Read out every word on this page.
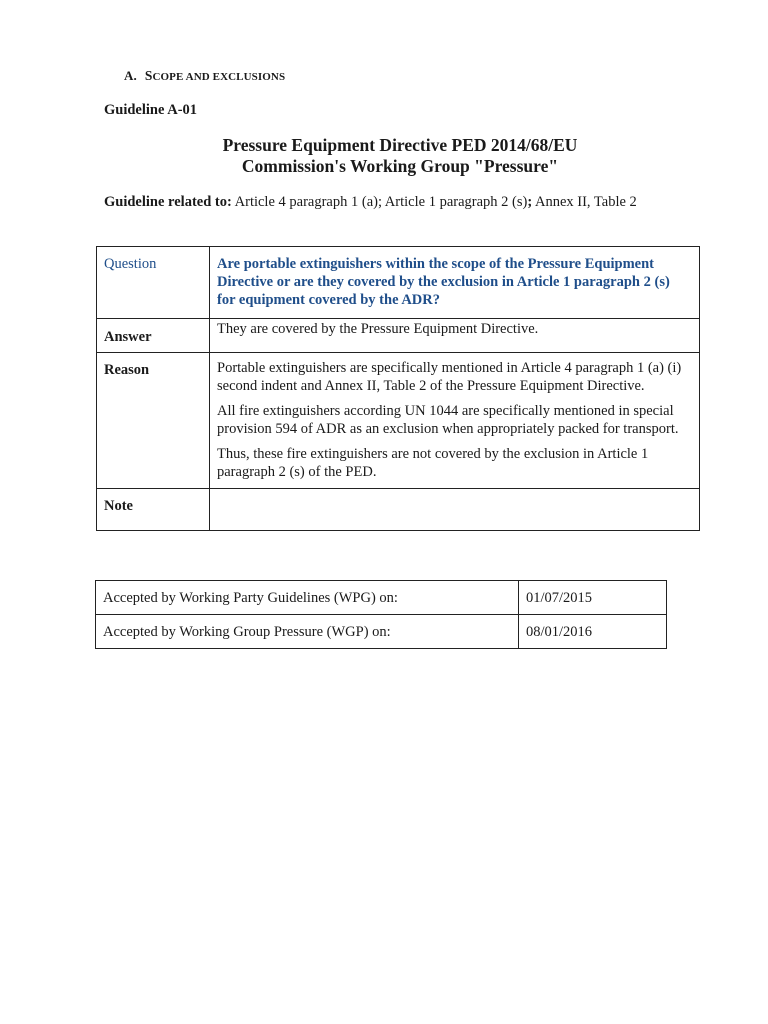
A. SCOPE AND EXCLUSIONS
Guideline A-01
Pressure Equipment Directive PED 2014/68/EU
Commission's Working Group "Pressure"
Guideline related to: Article 4 paragraph 1 (a); Article 1 paragraph 2 (s); Annex II, Table 2
Question	Are portable extinguishers within the scope of the Pressure Equipment Directive or are they covered by the exclusion in Article 1 paragraph 2 (s) for equipment covered by the ADR?
Answer	They are covered by the Pressure Equipment Directive.
Reason	Portable extinguishers are specifically mentioned in Article 4 paragraph 1 (a) (i) second indent and Annex II, Table 2 of the Pressure Equipment Directive.

All fire extinguishers according UN 1044 are specifically mentioned in special provision 594 of ADR as an exclusion when appropriately packed for transport.

Thus, these fire extinguishers are not covered by the exclusion in Article 1 paragraph 2 (s) of the PED.

Note	
Accepted by Working Party Guidelines (WPG) on:	01/07/2015
Accepted by Working Group Pressure (WGP) on:	08/01/2016
